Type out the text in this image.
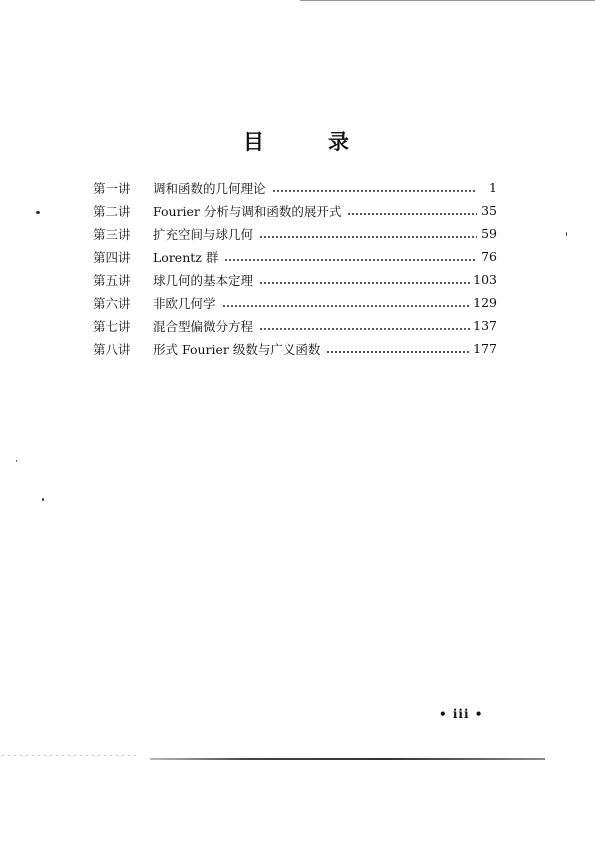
目	录
第一讲	调和函数的几何理论	1
第二讲	Fourier 分析与调和函数的展开式	35
第三讲	扩充空间与球几何	59
第四讲	Lorentz 群	76
第五讲	球几何的基本定理	103
第六讲	非欧几何学	129
第七讲	混合型偏微分方程	137
第八讲	形式 Fourier 级数与广义函数	177
• iii •
